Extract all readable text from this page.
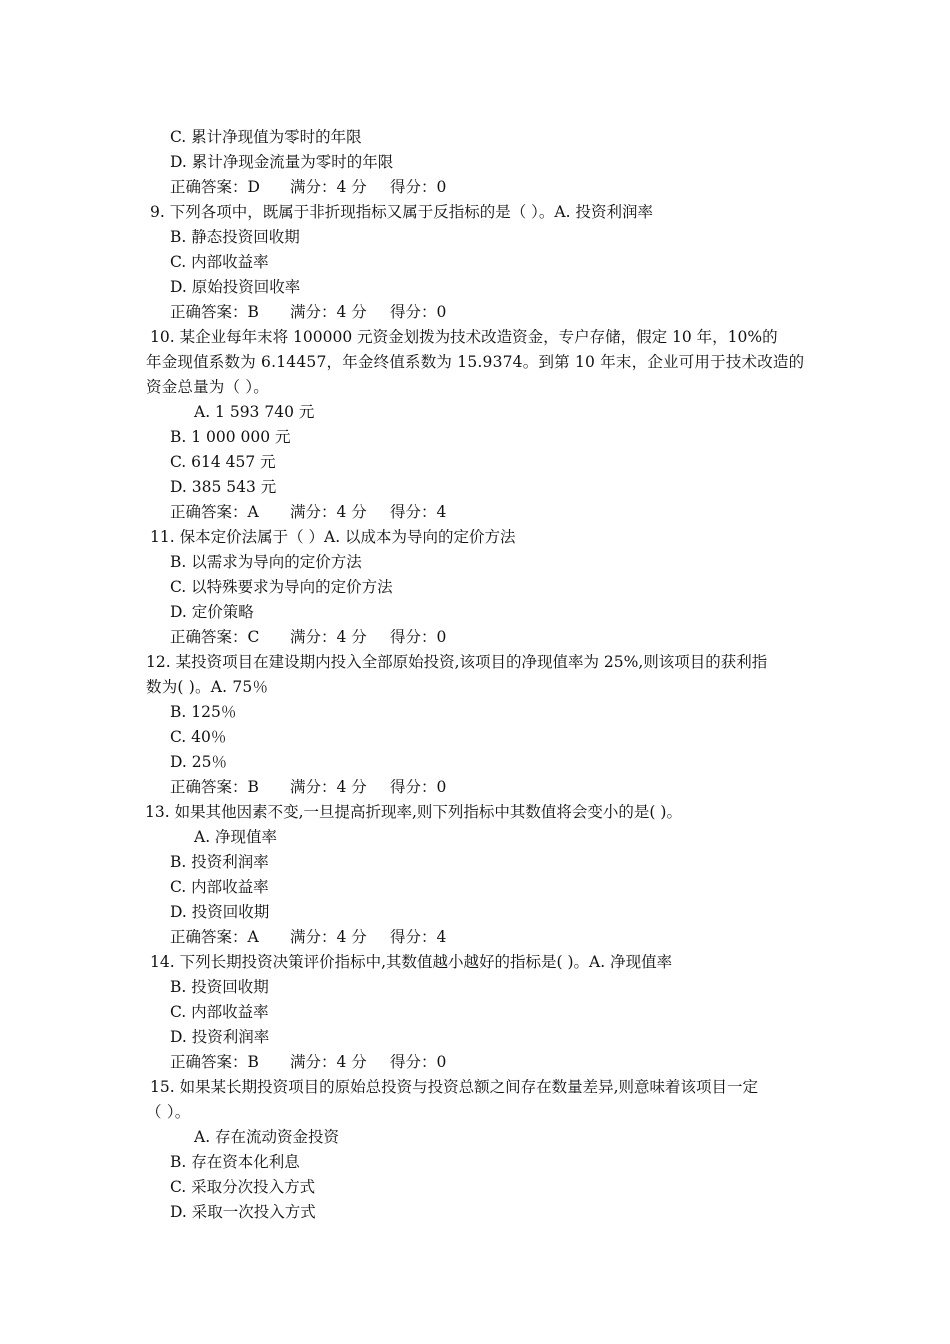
C. 累计净现值为零时的年限
D. 累计净现金流量为零时的年限
正确答案：D 满分：4 分 得分：0
9. 下列各项中，既属于非折现指标又属于反指标的是（ ）。A. 投资利润率
B. 静态投资回收期
C. 内部收益率
D. 原始投资回收率
正确答案：B 满分：4 分 得分：0
10. 某企业每年末将 100000 元资金划拨为技术改造资金，专户存储，假定 10 年，10%的
年金现值系数为 6.14457，年金终值系数为 15.9374。到第 10 年末，企业可用于技术改造的
资金总量为（ ）。
A. 1 593 740 元
B. 1 000 000 元
C. 614 457 元
D. 385 543 元
正确答案：A 满分：4 分 得分：4
11. 保本定价法属于（ ）A. 以成本为导向的定价方法
B. 以需求为导向的定价方法
C. 以特殊要求为导向的定价方法
D. 定价策略
正确答案：C 满分：4 分 得分：0
12. 某投资项目在建设期内投入全部原始投资,该项目的净现值率为 25%,则该项目的获利指
数为( )。A. 75％
B. 125％
C. 40％
D. 25％
正确答案：B 满分：4 分 得分：0
13. 如果其他因素不变,一旦提高折现率,则下列指标中其数值将会变小的是( )。
A. 净现值率
B. 投资利润率
C. 内部收益率
D. 投资回收期
正确答案：A 满分：4 分 得分：4
14. 下列长期投资决策评价指标中,其数值越小越好的指标是( )。A. 净现值率
B. 投资回收期
C. 内部收益率
D. 投资利润率
正确答案：B 满分：4 分 得分：0
15. 如果某长期投资项目的原始总投资与投资总额之间存在数量差异,则意味着该项目一定
（ ）。
A. 存在流动资金投资
B. 存在资本化利息
C. 采取分次投入方式
D. 采取一次投入方式
